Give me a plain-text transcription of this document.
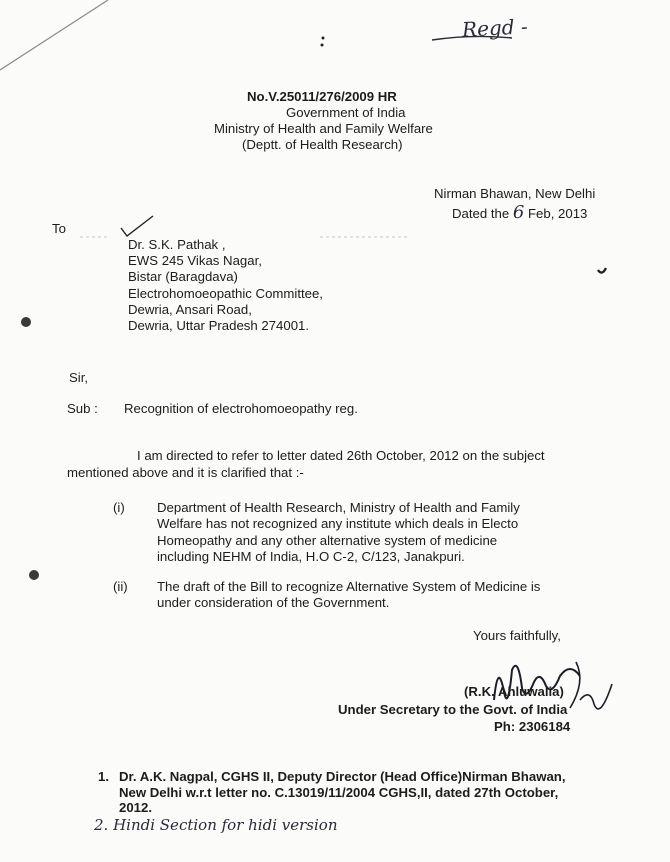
Regd -
No.V.25011/276/2009 HR
Government of India
Ministry of Health and Family Welfare
(Deptt. of Health Research)
Nirman Bhawan, New Delhi
Dated the 6 Feb, 2013
To
Dr. S.K. Pathak ,
EWS 245 Vikas Nagar,
Bistar (Baragdava)
Electrohomoeopathic Committee,
Dewria, Ansari Road,
Dewria, Uttar Pradesh 274001.
Sir,
Sub : Recognition of electrohomoeopathy reg.
I am directed to refer to letter dated 26th October, 2012 on the subject
mentioned above and it is clarified that :-
(i) Department of Health Research, Ministry of Health and Family
Welfare has not recognized any institute which deals in Electo
Homeopathy and any other alternative system of medicine
including NEHM of India, H.O C-2, C/123, Janakpuri.
(ii) The draft of the Bill to recognize Alternative System of Medicine is
under consideration of the Government.
Yours faithfully,
(R.K. Ahluwalia)
Under Secretary to the Govt. of India
Ph: 2306184
1. Dr. A.K. Nagpal, CGHS II, Deputy Director (Head Office)Nirman Bhawan,
New Delhi w.r.t letter no. C.13019/11/2004 CGHS,II, dated 27th October,
2012.
2. Hindi Section for hidi version
